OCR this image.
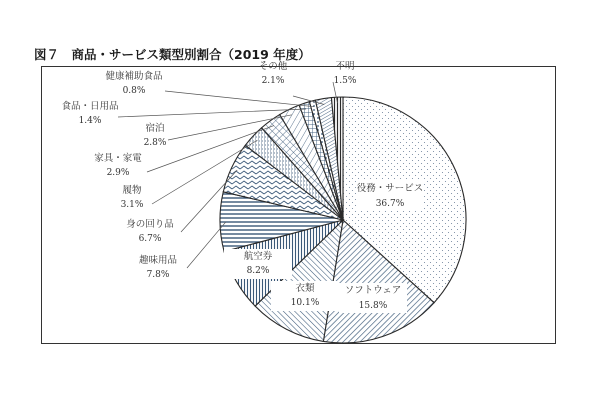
図７　商品・サービス類型別割合（2019 年度）
役務・サービス
36.7%
ソフトウェア
15.8%
衣類
10.1%
航空券
8.2%
趣味用品
7.8%
身の回り品
6.7%
履物
3.1%
家具・家電
2.9%
宿泊
2.8%
食品・日用品
1.4%
健康補助食品
0.8%
その他
2.1%
不明
1.5%
